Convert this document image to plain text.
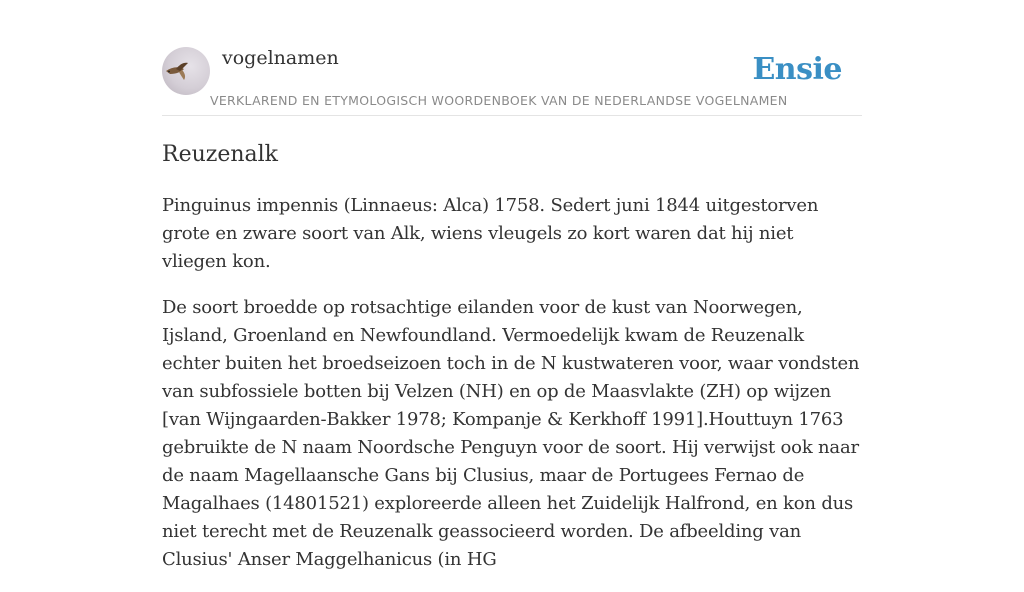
vogelnamen	Ensie
VERKLAREND EN ETYMOLOGISCH WOORDENBOEK VAN DE NEDERLANDSE VOGELNAMEN
Reuzenalk

Pinguinus impennis (Linnaeus: Alca) 1758. Sedert juni 1844 uitgestorven grote en zware soort van Alk, wiens vleugels zo kort waren dat hij niet vliegen kon.

De soort broedde op rotsachtige eilanden voor de kust van Noorwegen, Ijsland, Groenland en Newfoundland. Vermoedelijk kwam de Reuzenalk echter buiten het broedseizoen toch in de N kustwateren voor, waar vondsten van subfossiele botten bij Velzen (NH) en op de Maasvlakte (ZH) op wijzen [van Wijngaarden-Bakker 1978; Kompanje & Kerkhoff 1991].Houttuyn 1763 gebruikte de N naam Noordsche Penguyn voor de soort. Hij verwijst ook naar de naam Magellaansche Gans bij Clusius, maar de Portugees Fernao de Magalhaes (14801521) exploreerde alleen het Zuidelijk Halfrond, en kon dus niet terecht met de Reuzenalk geassocieerd worden. De afbeelding van Clusius' Anser Maggelhanicus (in HG
